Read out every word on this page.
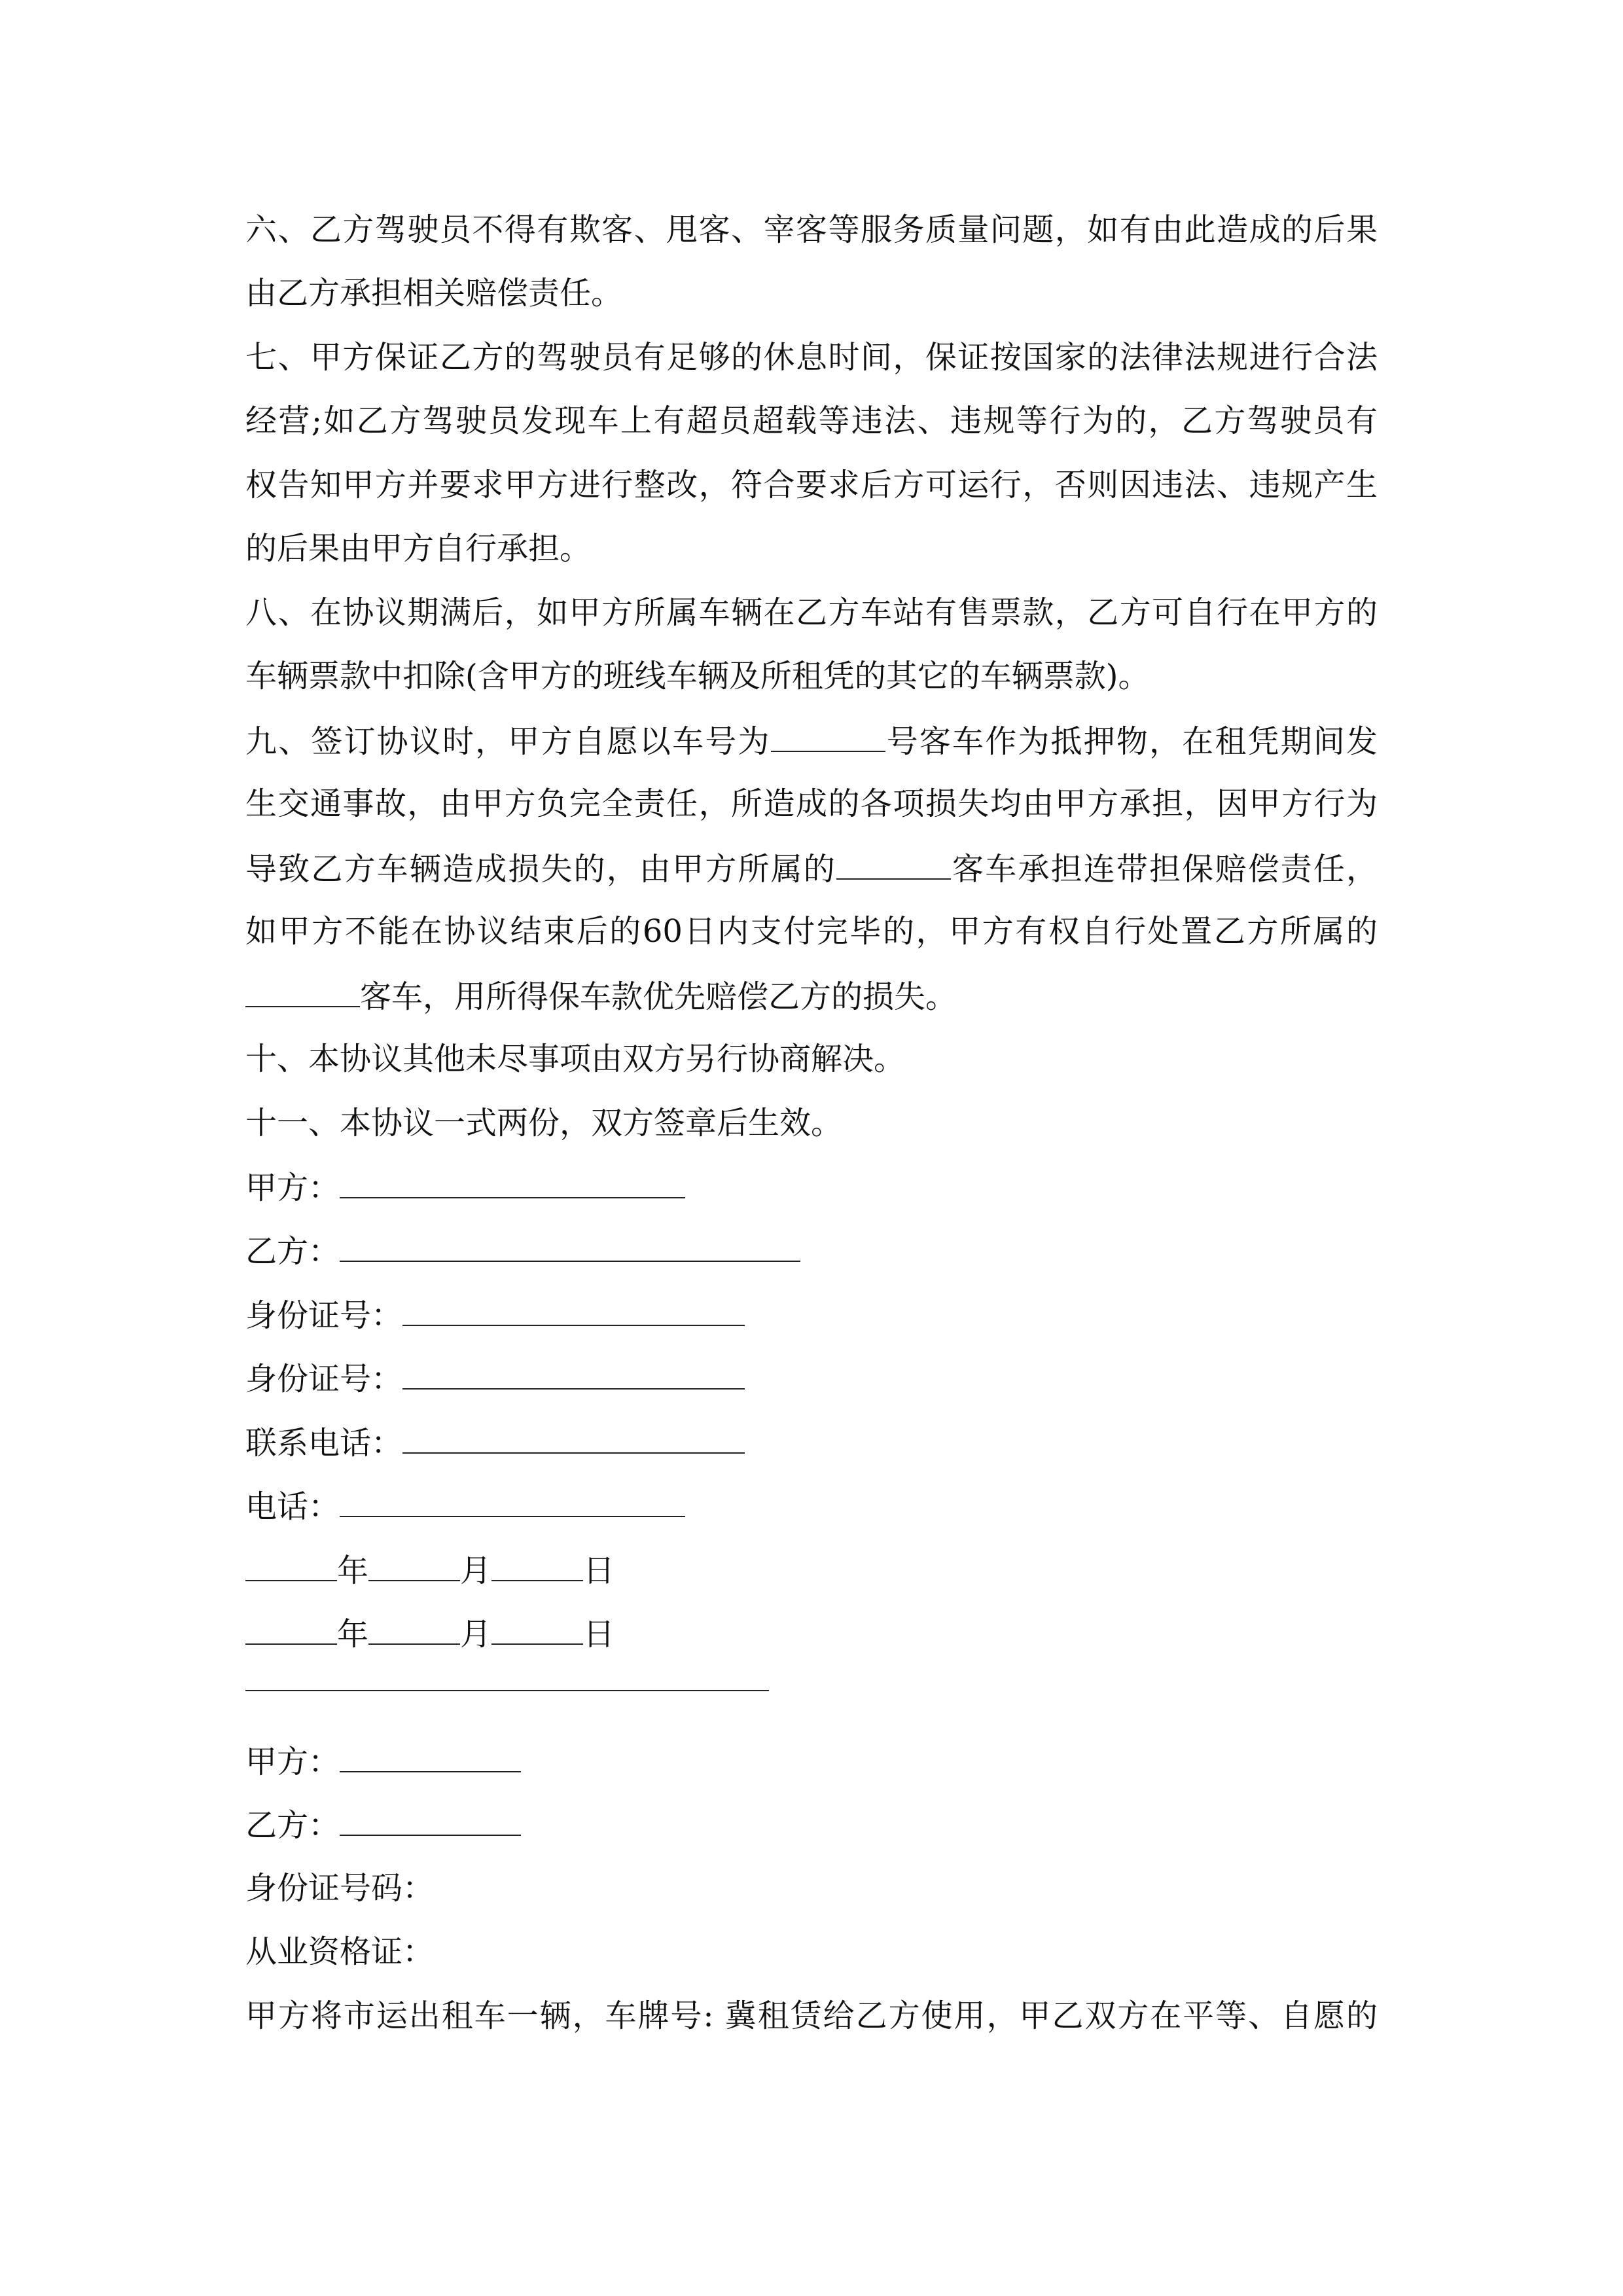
六、乙方驾驶员不得有欺客、甩客、宰客等服务质量问题，如有由此造成的后果
由乙方承担相关赔偿责任。
七、甲方保证乙方的驾驶员有足够的休息时间，保证按国家的法律法规进行合法
经营;如乙方驾驶员发现车上有超员超载等违法、违规等行为的，乙方驾驶员有
权告知甲方并要求甲方进行整改，符合要求后方可运行，否则因违法、违规产生
的后果由甲方自行承担。
八、在协议期满后，如甲方所属车辆在乙方车站有售票款，乙方可自行在甲方的
车辆票款中扣除(含甲方的班线车辆及所租凭的其它的车辆票款)。
九、签订协议时，甲方自愿以车号为	号客车作为抵押物，在租凭期间发
生交通事故，由甲方负完全责任，所造成的各项损失均由甲方承担，因甲方行为
导致乙方车辆造成损失的，由甲方所属的	客车承担连带担保赔偿责任，
如甲方不能在协议结束后的60日内支付完毕的，甲方有权自行处置乙方所属的
客车，用所得保车款优先赔偿乙方的损失。
十、本协议其他未尽事项由双方另行协商解决。
十一、本协议一式两份，双方签章后生效。
甲方：
乙方：
身份证号：
身份证号：
联系电话：
电话：
年	月	日
年	月	日
甲方：
乙方：
身份证号码：
从业资格证：
甲方将市运出租车一辆，车牌号: 冀租赁给乙方使用，甲乙双方在平等、自愿的
